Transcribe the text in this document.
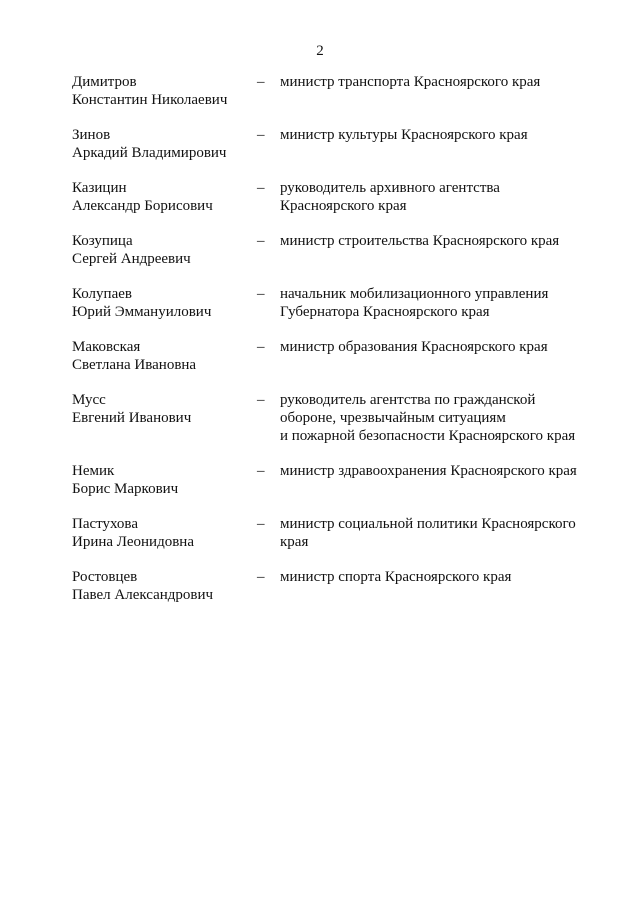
2
Димитров
Константин Николаевич
–	министр транспорта Красноярского края
Зинов
Аркадий Владимирович
–	министр культуры Красноярского края
Казицин
Александр Борисович
–	руководитель архивного агентства
Красноярского края
Козупица
Сергей Андреевич
–	министр строительства Красноярского края
Колупаев
Юрий Эммануилович
–	начальник мобилизационного управления
Губернатора Красноярского края
Маковская
Светлана Ивановна
–	министр образования Красноярского края
Мусс
Евгений Иванович
–	руководитель агентства по гражданской
обороне, чрезвычайным ситуациям
и пожарной безопасности Красноярского края
Немик
Борис Маркович
–	министр здравоохранения Красноярского края
Пастухова
Ирина Леонидовна
–	министр социальной политики Красноярского
края
Ростовцев
Павел Александрович
–	министр спорта Красноярского края
